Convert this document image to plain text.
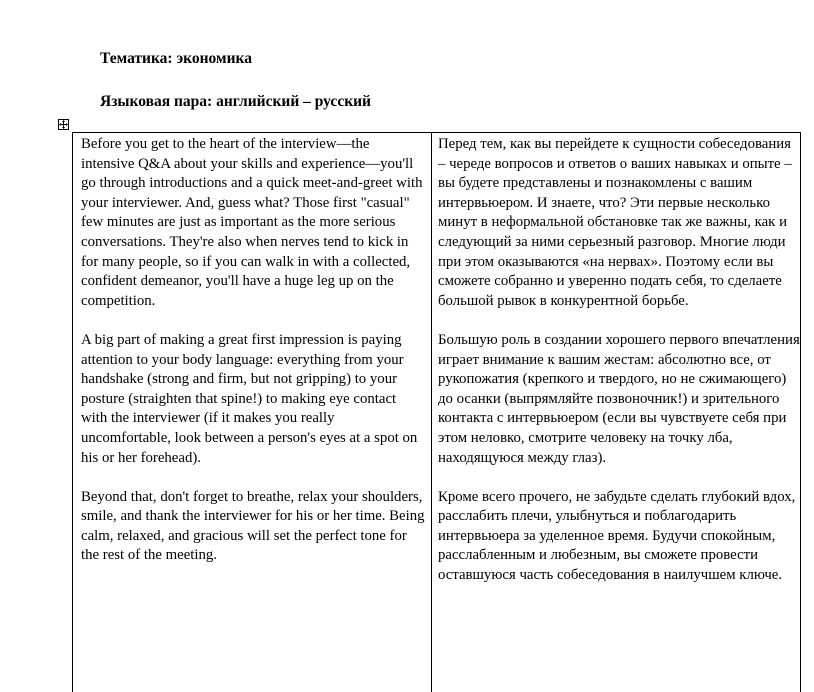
Тематика: экономика
Языковая пара: английский – русский

Before you get to the heart of the interview—the intensive Q&A about your skills and experience—you'll go through introductions and a quick meet-and-greet with your interviewer. And, guess what? Those first "casual" few minutes are just as important as the more serious conversations. They're also when nerves tend to kick in for many people, so if you can walk in with a collected, confident demeanor, you'll have a huge leg up on the competition.

A big part of making a great first impression is paying attention to your body language: everything from your handshake (strong and firm, but not gripping) to your posture (straighten that spine!) to making eye contact with the interviewer (if it makes you really uncomfortable, look between a person's eyes at a spot on his or her forehead).

Beyond that, don't forget to breathe, relax your shoulders, smile, and thank the interviewer for his or her time. Being calm, relaxed, and gracious will set the perfect tone for the rest of the meeting.

Перед тем, как вы перейдете к сущности собеседования – череде вопросов и ответов о ваших навыках и опыте – вы будете представлены и познакомлены с вашим интервьюером. И знаете, что? Эти первые несколько минут в неформальной обстановке так же важны, как и следующий за ними серьезный разговор. Многие люди при этом оказываются «на нервах». Поэтому если вы сможете собранно и уверенно подать себя, то сделаете большой рывок в конкурентной борьбе.

Большую роль в создании хорошего первого впечатления играет внимание к вашим жестам: абсолютно все, от рукопожатия (крепкого и твердого, но не сжимающего) до осанки (выпрямляйте позвоночник!) и зрительного контакта с интервьюером (если вы чувствуете себя при этом неловко, смотрите человеку на точку лба, находящуюся между глаз).

Кроме всего прочего, не забудьте сделать глубокий вдох, расслабить плечи, улыбнуться и поблагодарить интервьюера за уделенное время. Будучи спокойным, расслабленным и любезным, вы сможете провести оставшуюся часть собеседования в наилучшем ключе.
